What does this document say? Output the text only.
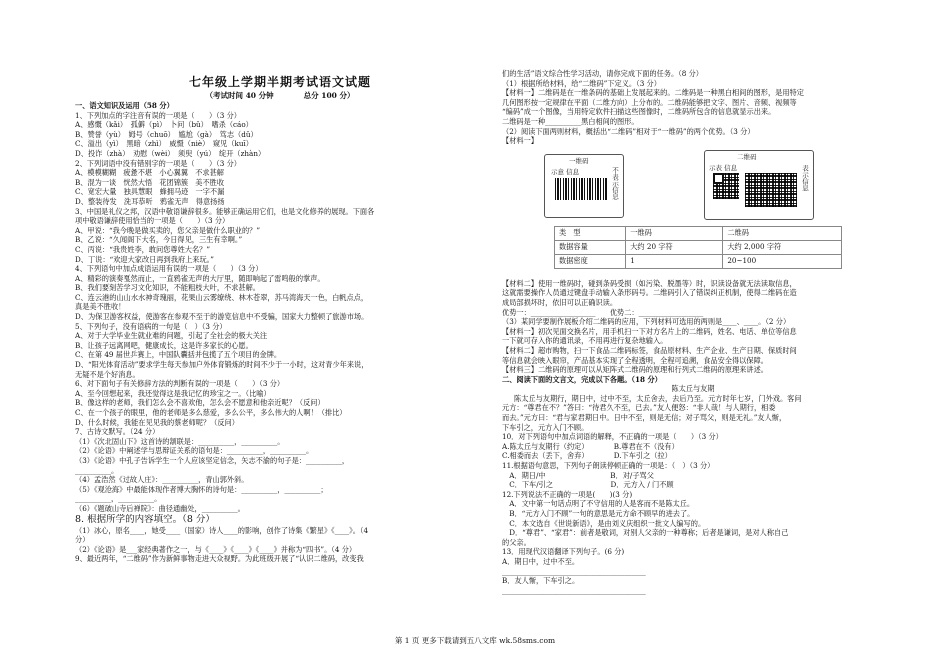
七年级上学期半期考试语文试题
（考试时间 40 分钟　　　　总分 100 分）
一、语文知识及运用（58 分）
1、下列加点的字注音有误的一项是（　　）（3 分）
A、感慨（kǎi）　孤僻（pì）　卜问（bǔ）　嗜杀（cáo）
B、赞誉（yù）　姆号（chuō）　尴尬（gà）　笃志（dǔ）
C、溢出（yì）　黑暗（zhì）　威慑（niè）　窥见（kuī）
D、投诈（zhà）　劝慰（wèi）　须臾（yú）　绽开（zhàn）
2、下列词语中没有错别字的一项是（　　）（3 分）
A、模模糊糊　疲惫不堪　小心翼翼　不求甚解
B、混为一谈　恍然大悟　花团锦簇　美不胜收
C、宽宏大量　独具慧眼　蜂拥马迹　一字不漏
D、整装待发　洗耳恭听　鸦雀无声　得意扬扬
3、中国是礼仪之邦，汉语中敬语谦辞很多。能够正确运用它们，也是文化修养的展现。下面各
项中敬语谦辞使用恰当的一项是（　　）（3 分）
A、甲说：“我今晚是做买卖的，您父亲是做什么职业的？”
B、乙说：“久闻阁下大名，今日得见，三生有幸啊。”
C、丙说：“我贵姓李，敢问您尊姓大名？”
D、丁说：“欢迎大家改日再到我府上来玩。”
4、下列语句中加点成语运用有误的一项是（　　）（3 分）
A、精彩的演奏戛然而止，一直鸦雀无声的大厅里，随即响起了雷鸣般的掌声。
B、我们要刻苦学习文化知识，不能粗枝大叶，不求甚解。
C、连云港的山山水水神奇瑰丽，花果山云雾缭绕、林木苍翠，苏马湾海天一色，白帆点点，
真是美不胜收！
D、为保卫游客权益，使游客在参观不至于的游览信息中不受骗，国家大力整顿了旅游市场。
5、下列句子，没有语病的一句是（　）（3 分）
A、对于大学毕业生就业难的问题，引起了全社会的极大关注
B、让孩子远离网吧，健康成长，这是许多家长的心愿。
C、在第 49 届世乒赛上，中国队囊括并包揽了五个项目的金牌。
D、“阳光体育活动”要求学生每天参加户外体育锻炼的时间不少于一小时，这对青少年来说，
无疑不是个好消息。
6、对下面句子有关修辞方法的判断有误的一项是（　　）（3 分）
A、至今回想起来，我还觉得这是我记忆的珍宝之一。（比喻）
B、像这样的老师，我们怎么会不喜欢他，怎么会不愿意和他亲近呢？（反问）
C、在一个孩子的眼里，他的老师是多么慈爱，多么公平，多么伟大的人啊！（排比）
D、什么时候，我能在见见我的蔡老师呢？（反问）
7、古诗文默写。（24 分）
（1）《次北固山下》这首诗的颔联是：__________，__________。
（2）《论语》中阐述学与思辩证关系的语句是：__________，__________。
（3）《论语》中孔子告诉学生一个人应该坚定信念，矢志不渝的句子是：__________，
__________。
（4）孟浩然《过故人庄》：__________，青山郭外斜。
（5）《观沧海》中最能体现作者博大胸怀的诗句是：__________，__________；
__________，__________。
（6）《题破山寺后禅院》：曲径通幽处，__________。
8. 根据所学的内容填空。（8 分）
（1）冰心，原名____，她受____（国家）诗人____的影响，创作了诗集《繁星》《____》。（4
分）
（2）《论语》是___家经典著作之一，与《____》《____》《____》并称为“四书”。（4 分）
9、最近两年，“二维码”作为新鲜事物走进大众视野。为此班级开展了“认识二维码，改变我
们的生活”语文综合性学习活动，请你完成下面的任务。（8 分）
（1）根据所给材料，给“二维码”下定义。（3 分）
【材料一】二维码是在一维条码的基础上发展起来的。二维码是一种黑白相间的图形，是用特定
几何图形按一定规律在平面（二维方向）上分布的。二维码能够把文字、图片、音频、视频等
“编码”成一个图像，当用特定软件扫描这些图像时，二维码所包含的信息就显示出来。
二维码是一种__________黑白相间的图形。
（2）阅读下面两则材料，概括出“二维码”相对于“一维码”的两个优势。（3 分）
【材料一】
一维码
示意 信息	不表示信息
二维码
示表 信息	表示信息
类　型	一维码	二维码
数据容量	大约 20 字符	大约 2,000 字符
数据密度	1	20~100
【材料二】使用一维码时，碰到条码受损（如污染、脱墨等）时，识读设备就无法读取信息，
这就需要操作人员通过键盘手动输入条形码号。二维码引入了错误纠正机制，使得二维码在造
成局部损坏时，依旧可以正确识读。
优势一：__________________　　优势二：__________________
（3）某同学要制作展板介绍二维码的应用，下列材料可选用的两则是____、____。（2 分）
【材料一】初次见面交换名片，用手机扫一下对方名片上的二维码，姓名、电话、单位等信息
一下就可存入你的通讯录，不用再进行复杂地输入。
【材料二】超市购物，扫一下食品二维码标签，食品原材料、生产企业、生产日期、保质时间
等信息就会映入眼帘，产品基本实现了全程透明，全程可追溯，食品安全得以保障。
【材料三】二维码的原理可以从矩阵式二维码的原理和行列式二维码的原理来讲述。
二、阅读下面的文言文，完成以下各题。（18 分）
陈太丘与友期
陈太丘与友期行，期日中，过中不至，太丘舍去，去后乃至。元方时年七岁，门外戏。客问
元方：“尊君在不？”答曰：“待君久不至，已去。”友人便怒：“非人哉！与人期行，相委
而去。”元方曰：“君与家君期日中。日中不至，则是无信；对子骂父，则是无礼。”友人惭，
下车引之，元方入门不顾。
10．对下列语句中加点词语的解释，不正确的一项是（　　）（3 分）
A.陈太丘与友期行（约定）　　　　B.尊君在不（没有）
C.相委而去（丢下，舍弃）　　　　D.下车引之（拉）
11.根据语句意思，下列句子朗读停顿正确的一项是：（　）（3 分）
　A．期日/中　　　　　　　　　B．对/子骂父
　C．下车/引之　　　　　　　　D．元方入 / 门不顾
12.下列说法不正确的一项是(　　)(3 分)
　A．文中第一句话点明了不守信用的人是客而不是陈太丘。
　B．“元方入门不顾”一句的意思是元方命不顾早的进去了。
　C．本文选自《世说新语》，是由刘义庆组织一批文人编写的。
　D．“尊君”、“家君”：前者是敬词，对别人父亲的一种尊称；后者是谦词，是对人称自己
的父亲。
13．用现代汉语翻译下列句子。(6 分)
A．期日中，过中不至。
________________________________________
B．友人惭，下车引之。
________________________________________
第 1 页 更多下载请到五八文库 wk.58sms.com
